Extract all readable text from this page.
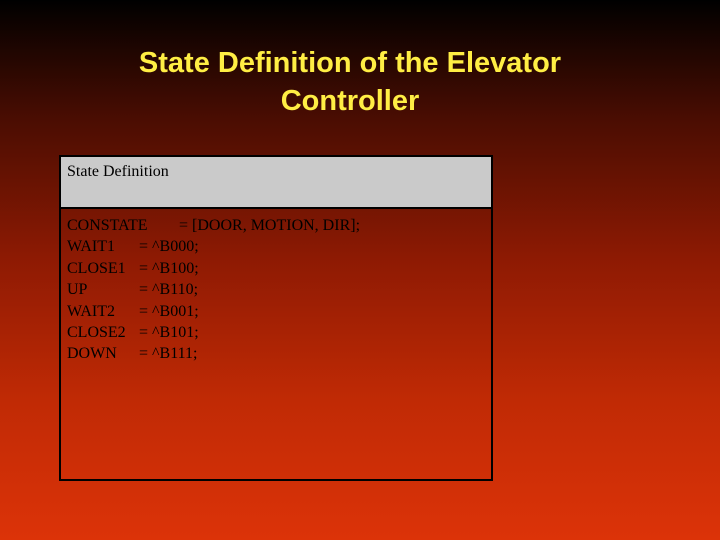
State Definition of the Elevator
Controller
State Definition
CONSTATE	= [DOOR, MOTION, DIR];
WAIT1	= ^B000;
CLOSE1 = ^B100;
UP	= ^B110;
WAIT2	= ^B001;
CLOSE2 = ^B101;
DOWN	= ^B111;
